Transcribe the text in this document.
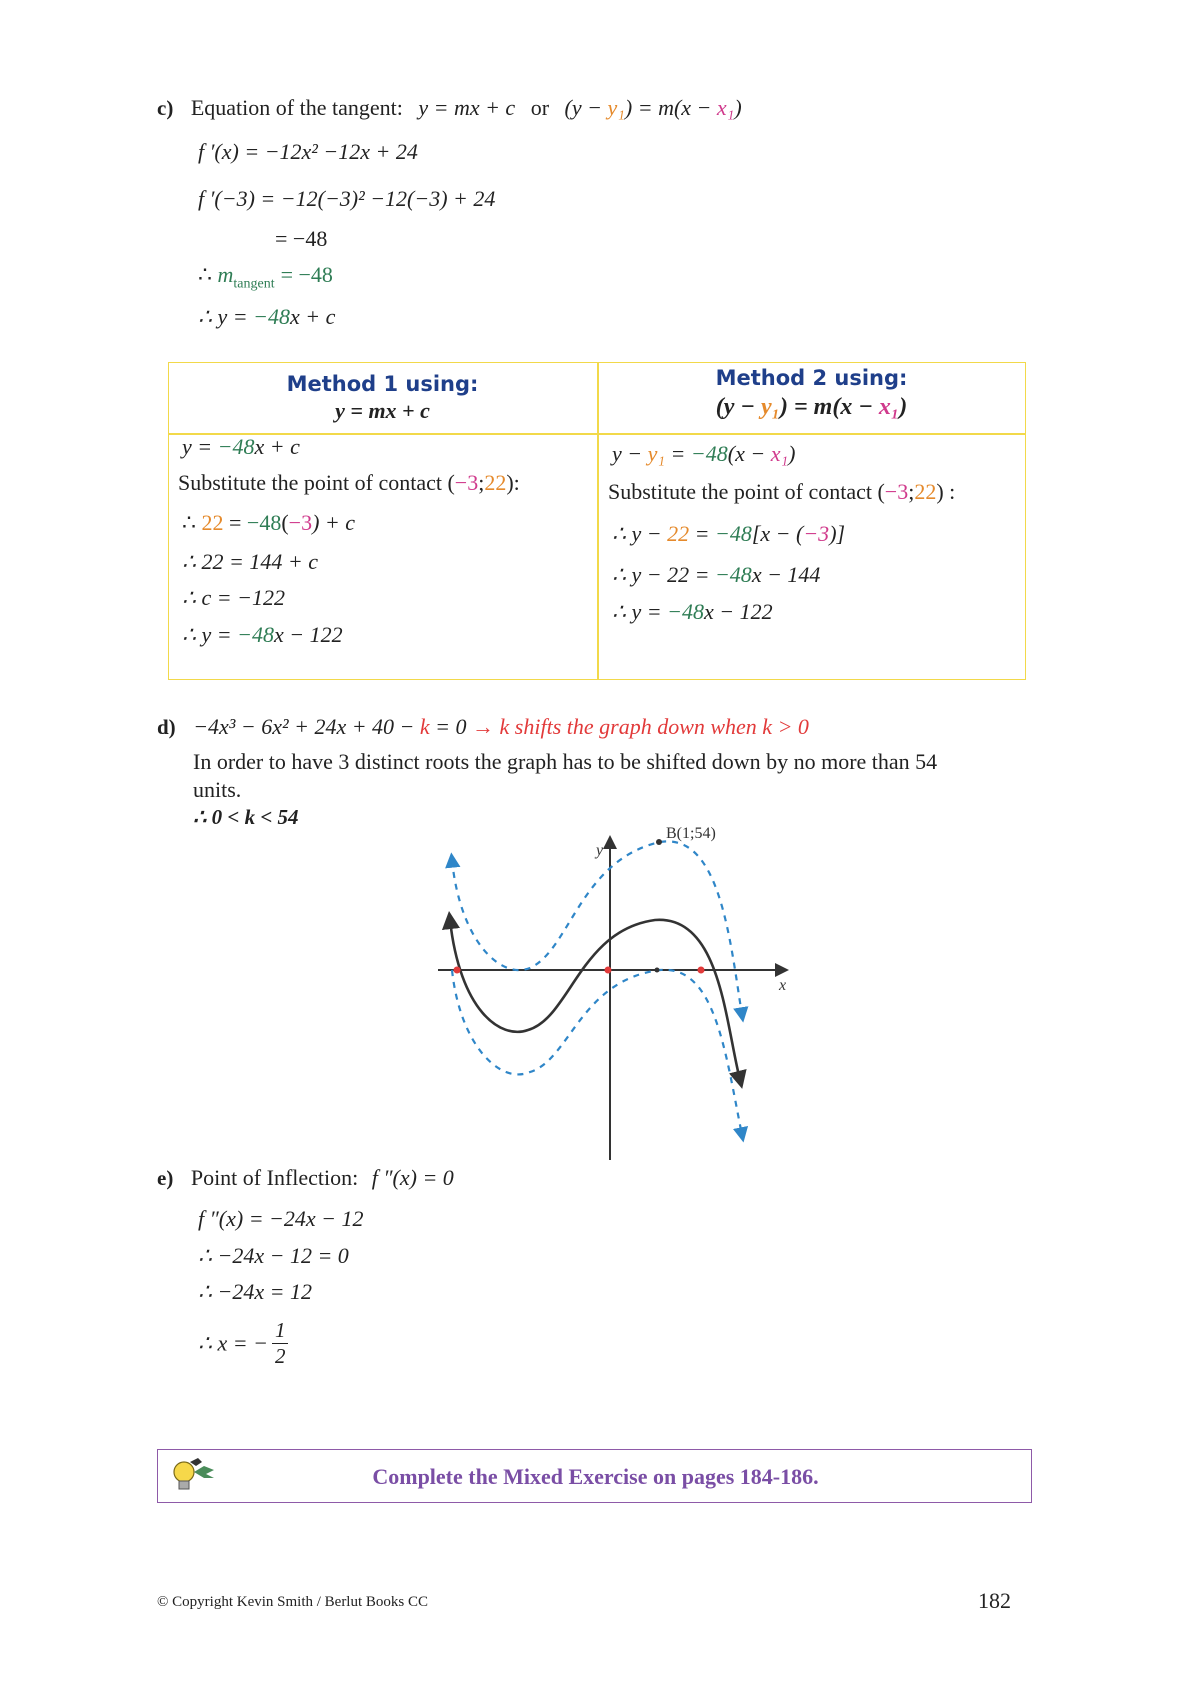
c) Equation of the tangent: y = mx + c or (y − y₁) = m(x − x₁)
f ′(x) = −12x² −12x + 24
f ′(−3) = −12(−3)² −12(−3) + 24
= −48
∴ $m_{tangent} = -48$
∴ y = −48x + c
Method 1 using:
y = mx + c
Method 2 using:
(y − y₁) = m(x − x₁)
y = −48x + c
Substitute the point of contact (−3;22):
∴ 22 = −48(−3) + c
∴ 22 = 144 + c
∴ c = −122
∴ y = −48x − 122
y − y₁ = −48(x − x₁)
Substitute the point of contact (−3;22) :
∴ y − 22 = −48[x − (−3)]
∴ y − 22 = −48x − 144
∴ y = −48x − 122
d) −4x³ − 6x² + 24x + 40 − k = 0 → k shifts the graph down when k > 0
In order to have 3 distinct roots the graph has to be shifted down by no more than 54
units.
∴ 0 < k < 54
y
x
B(1;54)
e) Point of Inflection: f ″(x) = 0
f ″(x) = −24x − 12
∴ −24x − 12 = 0
∴ −24x = 12
∴ x = − $\frac{1}{2}$
Complete the Mixed Exercise on pages 184-186.
© Copyright Kevin Smith / Berlut Books CC	182
